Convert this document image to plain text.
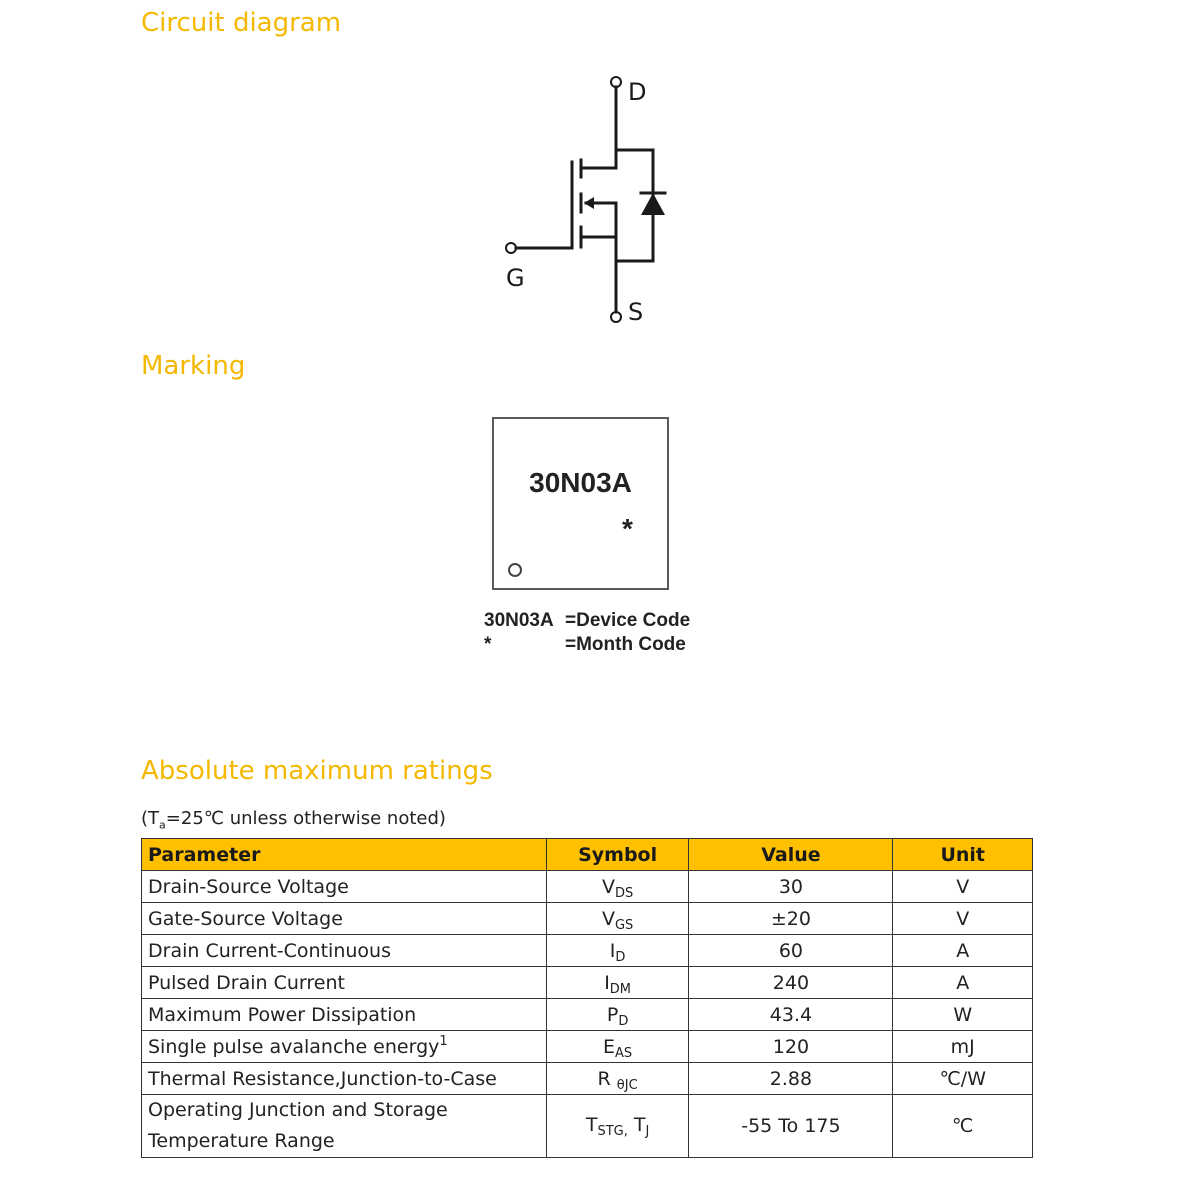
Circuit diagram
D
G
S
Marking
30N03A
*
30N03A =Device Code
*	=Month Code
Absolute maximum ratings
($T_a=25℃$ unless otherwise noted)
Parameter	Symbol	Value	Unit
Drain-Source Voltage	$V_{DS}$	30	V
Gate-Source Voltage	$V_{GS}$	±20	V
Drain Current-Continuous	$I_D$	60	A
Pulsed Drain Current	$I_{DM}$	240	A
Maximum Power Dissipation	$P_D$	43.4	W
Single pulse avalanche energy$^1$	$E_{AS}$	120	mJ
Thermal Resistance,Junction-to-Case	R $_{\theta JC}$	2.88	℃/W
Operating Junction and Storage
Temperature Range	$T_{STG,}$ $T_J$	-55 To 175	℃
